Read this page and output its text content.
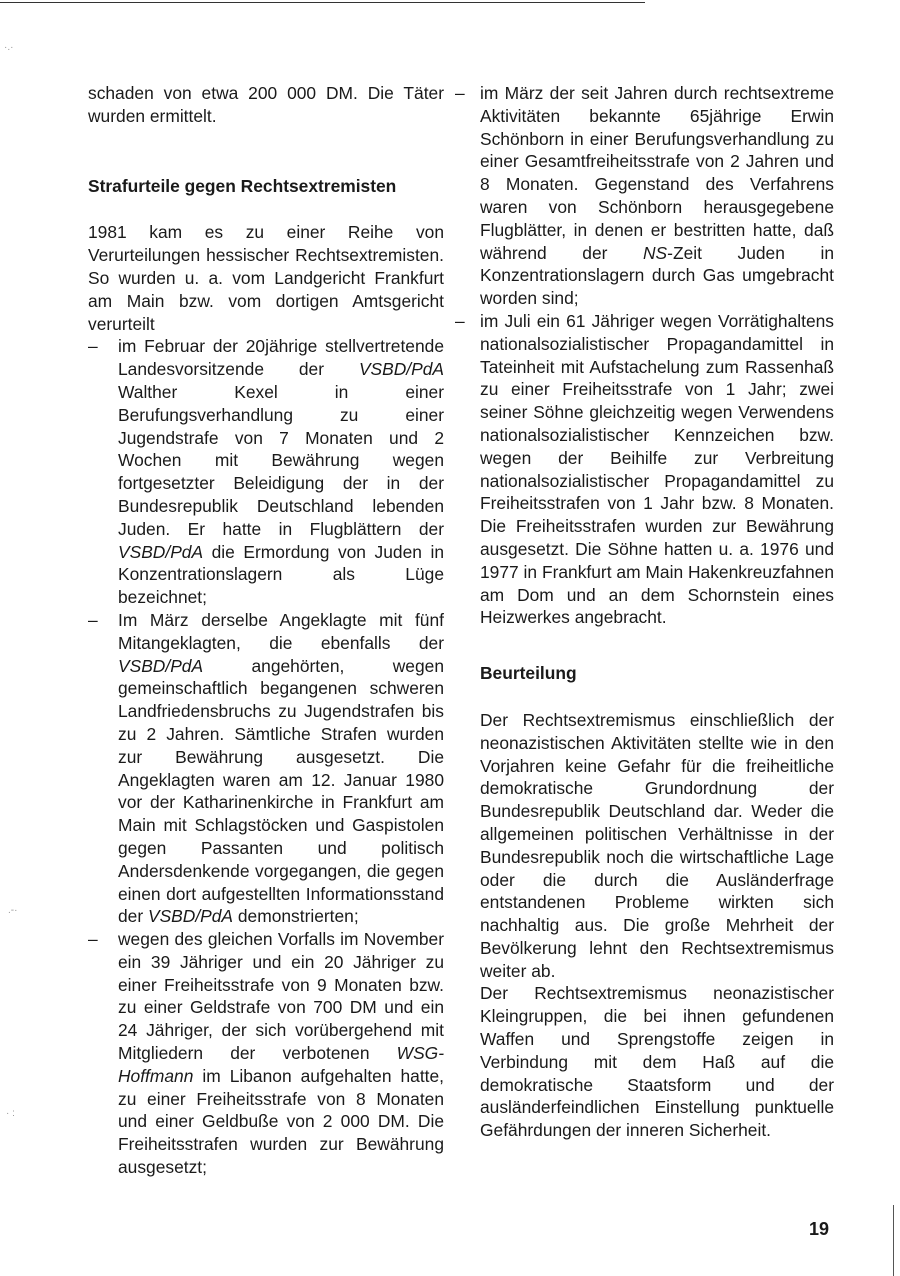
·.·
.-·
· :

schaden von etwa 200 000 DM. Die Täter wurden ermittelt.

Strafurteile gegen Rechtsextremisten

1981 kam es zu einer Reihe von Verurteilungen hessischer Rechtsextremisten. So wurden u. a. vom Landgericht Frankfurt am Main bzw. vom dortigen Amtsgericht verurteilt

– im Februar der 20jährige stellvertretende Landesvorsitzende der VSBD/PdA Walther Kexel in einer Berufungsverhandlung zu einer Jugendstrafe von 7 Monaten und 2 Wochen mit Bewährung wegen fortgesetzter Beleidigung der in der Bundesrepublik Deutschland lebenden Juden. Er hatte in Flugblättern der VSBD/PdA die Ermordung von Juden in Konzentrationslagern als Lüge bezeichnet;
– Im März derselbe Angeklagte mit fünf Mitangeklagten, die ebenfalls der VSBD/PdA angehörten, wegen gemeinschaftlich begangenen schweren Landfriedensbruchs zu Jugendstrafen bis zu 2 Jahren. Sämtliche Strafen wurden zur Bewährung ausgesetzt. Die Angeklagten waren am 12. Januar 1980 vor der Katharinenkirche in Frankfurt am Main mit Schlagstöcken und Gaspistolen gegen Passanten und politisch Andersdenkende vorgegangen, die gegen einen dort aufgestellten Informationsstand der VSBD/PdA demonstrierten;
– wegen des gleichen Vorfalls im November ein 39 Jähriger und ein 20 Jähriger zu einer Freiheitsstrafe von 9 Monaten bzw. zu einer Geldstrafe von 700 DM und ein 24 Jähriger, der sich vorübergehend mit Mitgliedern der verbotenen WSG-Hoffmann im Libanon aufgehalten hatte, zu einer Freiheitsstrafe von 8 Monaten und einer Geldbuße von 2 000 DM. Die Freiheitsstrafen wurden zur Bewährung ausgesetzt;
– im März der seit Jahren durch rechtsextreme Aktivitäten bekannte 65jährige Erwin Schönborn in einer Berufungsverhandlung zu einer Gesamtfreiheitsstrafe von 2 Jahren und 8 Monaten. Gegenstand des Verfahrens waren von Schönborn herausgegebene Flugblätter, in denen er bestritten hatte, daß während der NS-Zeit Juden in Konzentrationslagern durch Gas umgebracht worden sind;
– im Juli ein 61 Jähriger wegen Vorrätighaltens nationalsozialistischer Propagandamittel in Tateinheit mit Aufstachelung zum Rassenhaß zu einer Freiheitsstrafe von 1 Jahr; zwei seiner Söhne gleichzeitig wegen Verwendens nationalsozialistischer Kennzeichen bzw. wegen der Beihilfe zur Verbreitung nationalsozialistischer Propagandamittel zu Freiheitsstrafen von 1 Jahr bzw. 8 Monaten. Die Freiheitsstrafen wurden zur Bewährung ausgesetzt. Die Söhne hatten u. a. 1976 und 1977 in Frankfurt am Main Hakenkreuzfahnen am Dom und an dem Schornstein eines Heizwerkes angebracht.
Beurteilung

Der Rechtsextremismus einschließlich der neonazistischen Aktivitäten stellte wie in den Vorjahren keine Gefahr für die freiheitliche demokratische Grundordnung der Bundesrepublik Deutschland dar. Weder die allgemeinen politischen Verhältnisse in der Bundesrepublik noch die wirtschaftliche Lage oder die durch die Ausländerfrage entstandenen Probleme wirkten sich nachhaltig aus. Die große Mehrheit der Bevölkerung lehnt den Rechtsextremismus weiter ab.

Der Rechtsextremismus neonazistischer Kleingruppen, die bei ihnen gefundenen Waffen und Sprengstoffe zeigen in Verbindung mit dem Haß auf die demokratische Staatsform und der ausländerfeindlichen Einstellung punktuelle Gefährdungen der inneren Sicherheit.

19
